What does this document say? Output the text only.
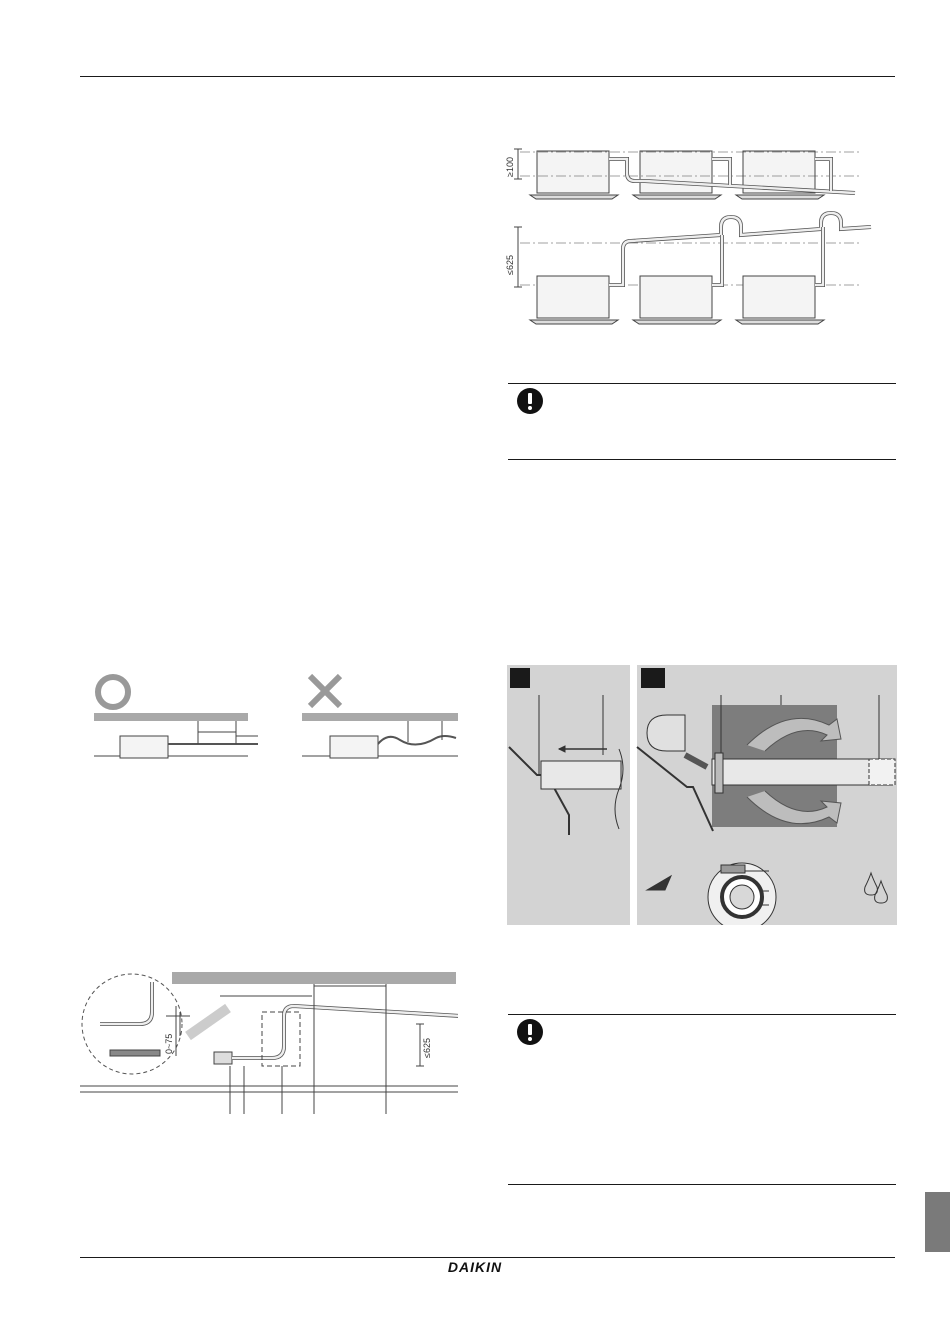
≥100
≤625
0~75	≤625
DAIKIN
